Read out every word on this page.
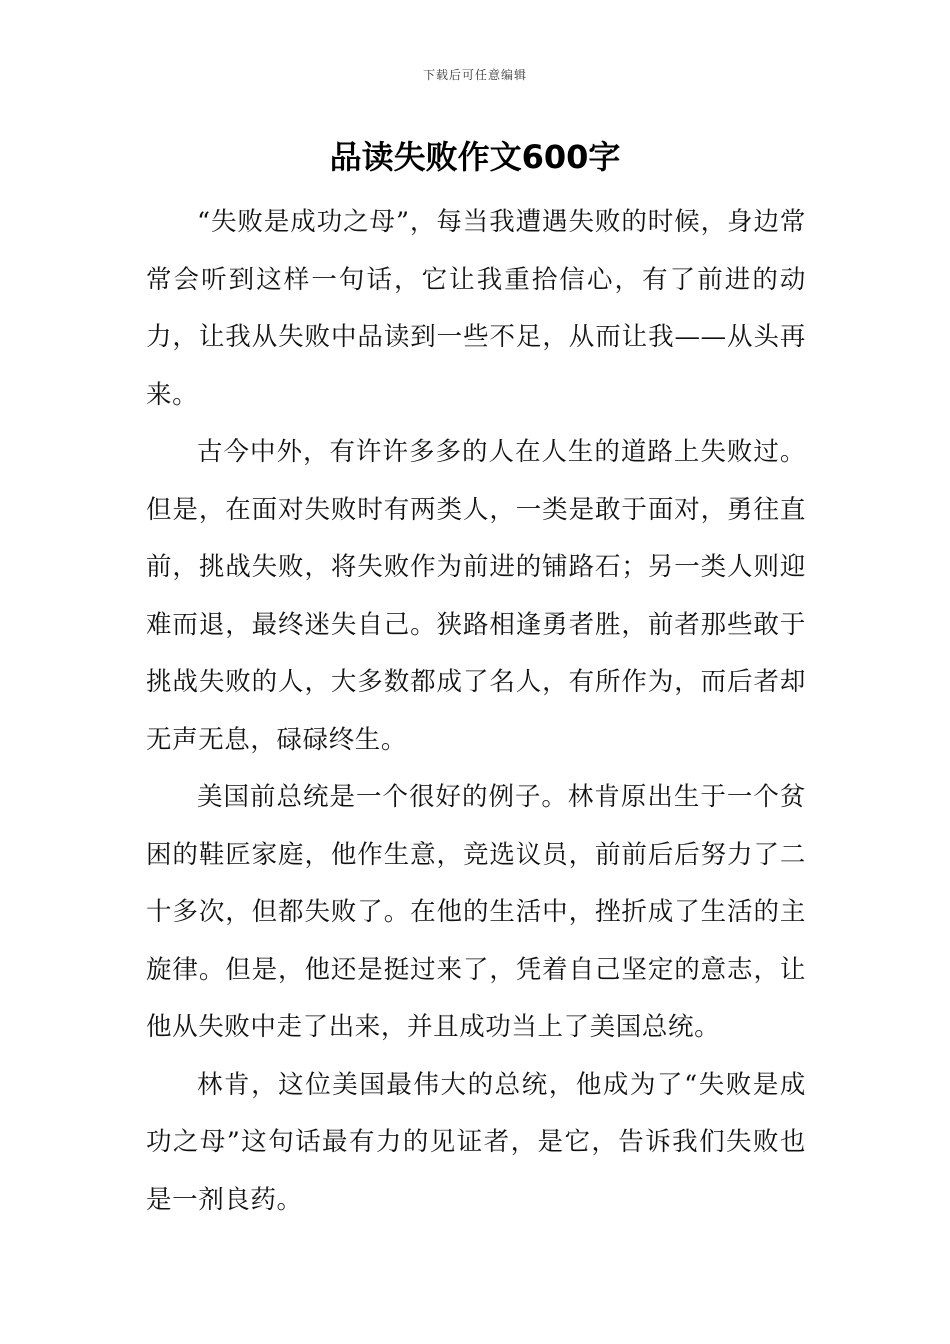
下载后可任意编辑
品读失败作文600字

“失败是成功之母”，每当我遭遇失败的时候，身边常常会听到这样一句话，它让我重拾信心，有了前进的动力，让我从失败中品读到一些不足，从而让我——从头再来。

古今中外，有许许多多的人在人生的道路上失败过。但是，在面对失败时有两类人，一类是敢于面对，勇往直前，挑战失败，将失败作为前进的铺路石；另一类人则迎难而退，最终迷失自己。狭路相逢勇者胜，前者那些敢于挑战失败的人，大多数都成了名人，有所作为，而后者却无声无息，碌碌终生。

美国前总统是一个很好的例子。林肯原出生于一个贫困的鞋匠家庭，他作生意，竞选议员，前前后后努力了二十多次，但都失败了。在他的生活中，挫折成了生活的主旋律。但是，他还是挺过来了，凭着自己坚定的意志，让他从失败中走了出来，并且成功当上了美国总统。

林肯，这位美国最伟大的总统，他成为了“失败是成功之母”这句话最有力的见证者，是它，告诉我们失败也是一剂良药。
